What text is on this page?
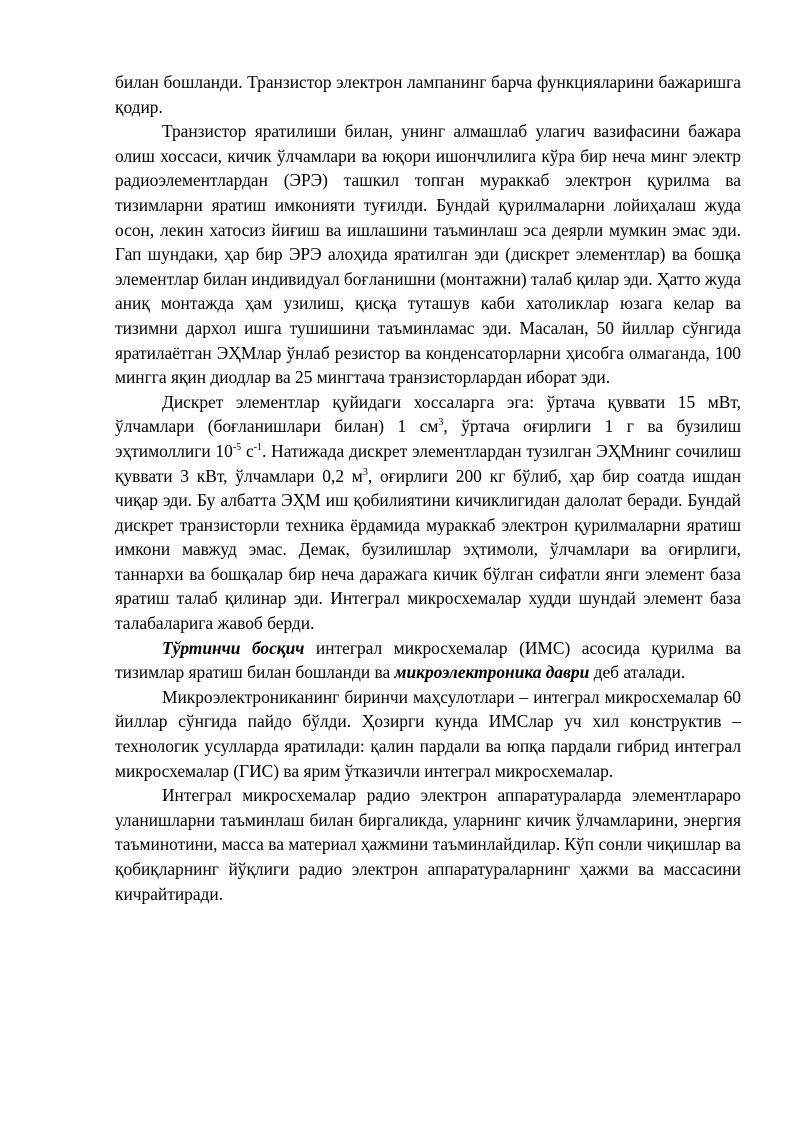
билан бошланди. Транзистор электрон лампанинг барча функцияларини бажаришга қодир.

Транзистор яратилиши билан, унинг алмашлаб улагич вазифасини бажара олиш хоссаси, кичик ўлчамлари ва юқори ишончлилига кўра бир неча минг электр радиоэлементлардан (ЭРЭ) ташкил топган мураккаб электрон қурилма ва тизимларни яратиш имконияти туғилди. Бундай қурилмаларни лойиҳалаш жуда осон, лекин хатосиз йиғиш ва ишлашини таъминлаш эса деярли мумкин эмас эди. Гап шундаки, ҳар бир ЭРЭ алоҳида яратилган эди (дискрет элементлар) ва бошқа элементлар билан индивидуал боғланишни (монтажни) талаб қилар эди. Ҳатто жуда аниқ монтажда ҳам узилиш, қисқа туташув каби хатоликлар юзага келар ва тизимни дархол ишга тушишини таъминламас эди. Масалан, 50 йиллар сўнгида яратилаётган ЭҲМлар ўнлаб резистор ва конденсаторларни ҳисобга олмаганда, 100 мингга яқин диодлар ва 25 мингтача транзисторлардан иборат эди.

Дискрет элементлар қуйидаги хоссаларга эга: ўртача қуввати 15 мВт, ўлчамлари (боғланишлари билан) 1 $см^3$, ўртача оғирлиги 1 г ва бузилиш эҳтимоллиги $10^{-5}$ $с^{-1}$. Натижада дискрет элементлардан тузилган ЭҲМнинг сочилиш қуввати 3 кВт, ўлчамлари 0,2 $м^3$, оғирлиги 200 кг бўлиб, ҳар бир соатда ишдан чиқар эди. Бу албатта ЭҲМ иш қобилиятини кичиклигидан далолат беради. Бундай дискрет транзисторли техника ёрдамида мураккаб электрон қурилмаларни яратиш имкони мавжуд эмас. Демак, бузилишлар эҳтимоли, ўлчамлари ва оғирлиги, таннархи ва бошқалар бир неча даражага кичик бўлган сифатли янги элемент база яратиш талаб қилинар эди. Интеграл микросхемалар худди шундай элемент база талабаларига жавоб берди.

Тўртинчи босқич интеграл микросхемалар (ИМС) асосида қурилма ва тизимлар яратиш билан бошланди ва микроэлектроника даври деб аталади.

Микроэлектрониканинг биринчи маҳсулотлари – интеграл микросхемалар 60 йиллар сўнгида пайдо бўлди. Ҳозирги кунда ИМСлар уч хил конструктив – технологик усулларда яратилади: қалин пардали ва юпқа пардали гибрид интеграл микросхемалар (ГИС) ва ярим ўтказичли интеграл микросхемалар.

Интеграл микросхемалар радио электрон аппаратураларда элементлараро уланишларни таъминлаш билан биргаликда, уларнинг кичик ўлчамларини, энергия таъминотини, масса ва материал ҳажмини таъминлайдилар. Кўп сонли чиқишлар ва қобиқларнинг йўқлиги радио электрон аппаратураларнинг ҳажми ва массасини кичрайтиради.
